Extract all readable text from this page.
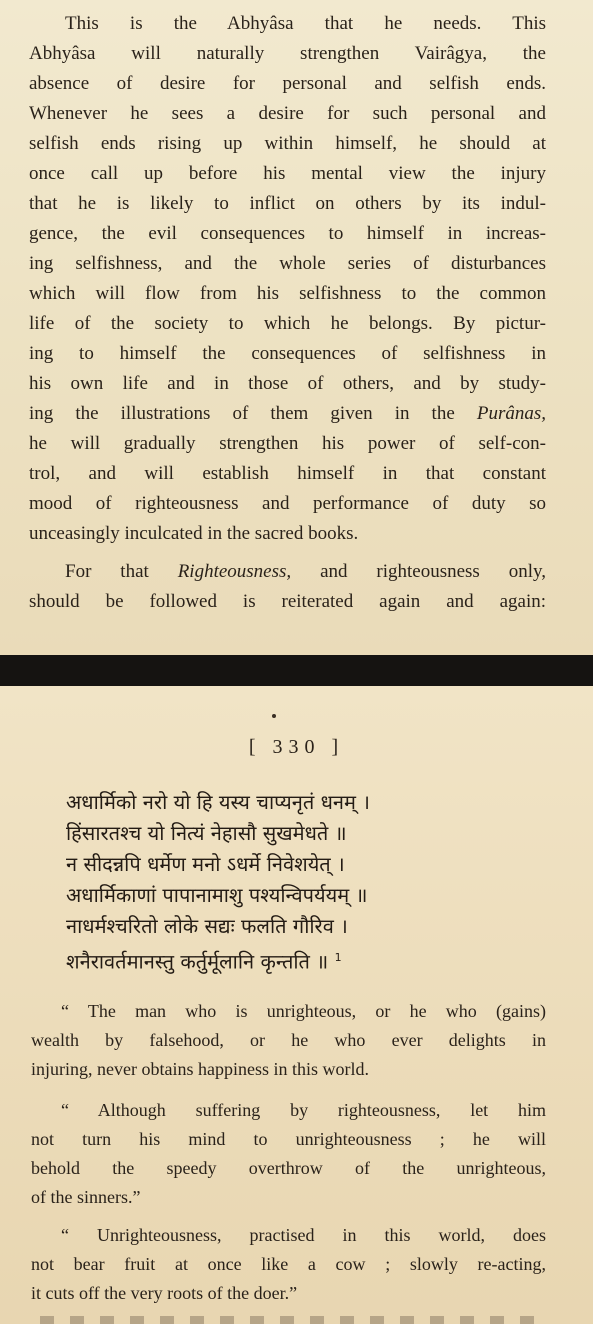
This is the Abhyâsa that he needs. This
Abhyâsa will naturally strengthen Vairâgya, the
absence of desire for personal and selfish ends.
Whenever he sees a desire for such personal and
selfish ends rising up within himself, he should at
once call up before his mental view the injury
that he is likely to inflict on others by its indul-
gence, the evil consequences to himself in increas-
ing selfishness, and the whole series of disturbances
which will flow from his selfishness to the common
life of the society to which he belongs. By pictur-
ing to himself the consequences of selfishness in
his own life and in those of others, and by study-
ing the illustrations of them given in the Purânas,
he will gradually strengthen his power of self-con-
trol, and will establish himself in that constant
mood of righteousness and performance of duty so
unceasingly inculcated in the sacred books.
For that Righteousness, and righteousness only,
should be followed is reiterated again and again:
[ 330 ]
अधार्मिको नरो यो हि यस्य चाप्यनृतं धनम् ।
हिंसारतश्च यो नित्यं नेहासौ सुखमेधते ॥
न सीदन्नपि धर्मेण मनो ऽधर्मे निवेशयेत् ।
अधार्मिकाणां पापानामाशु पश्यन्विपर्ययम् ॥
नाधर्मश्चरितो लोके सद्यः फलति गौरिव ।
शनैरावर्तमानस्तु कर्तुर्मूलानि कृन्तति ॥ $^1$
“ The man who is unrighteous, or he who (gains)
wealth by falsehood, or he who ever delights in
injuring, never obtains happiness in this world.
“ Although suffering by righteousness, let him
not turn his mind to unrighteousness ; he will
behold the speedy overthrow of the unrighteous,
of the sinners.”
“ Unrighteousness, practised in this world, does
not bear fruit at once like a cow ; slowly re-acting,
it cuts off the very roots of the doer.”
